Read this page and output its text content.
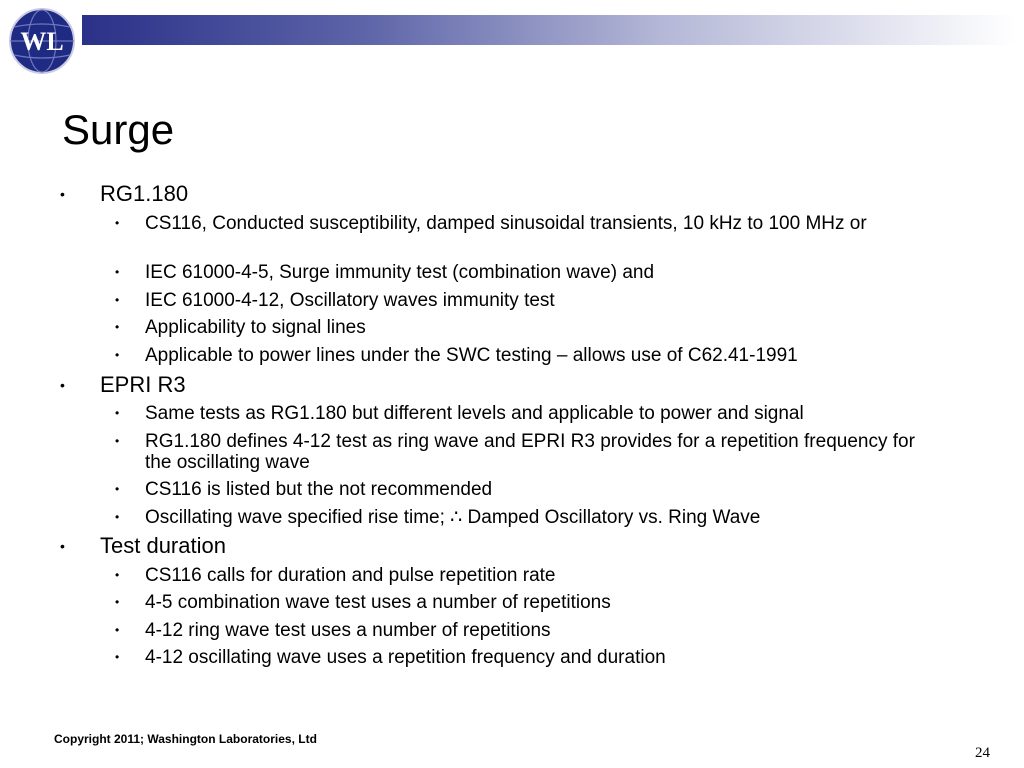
WL
Surge
• RG1.180
• CS116, Conducted susceptibility, damped sinusoidal transients, 10 kHz to 100 MHz or
• IEC 61000-4-5, Surge immunity test (combination wave) and
• IEC 61000-4-12, Oscillatory waves immunity test
• Applicability to signal lines
• Applicable to power lines under the SWC testing – allows use of C62.41-1991
• EPRI R3
• Same tests as RG1.180 but different levels and applicable to power and signal
• RG1.180 defines 4-12 test as ring wave and EPRI R3 provides for a repetition frequency for the oscillating wave
• CS116 is listed but the not recommended
• Oscillating wave specified rise time; ∴ Damped Oscillatory vs. Ring Wave
• Test duration
• CS116 calls for duration and pulse repetition rate
• 4-5 combination wave test uses a number of repetitions
• 4-12 ring wave test uses a number of repetitions
• 4-12 oscillating wave uses a repetition frequency and duration
Copyright 2011; Washington Laboratories, Ltd
24
